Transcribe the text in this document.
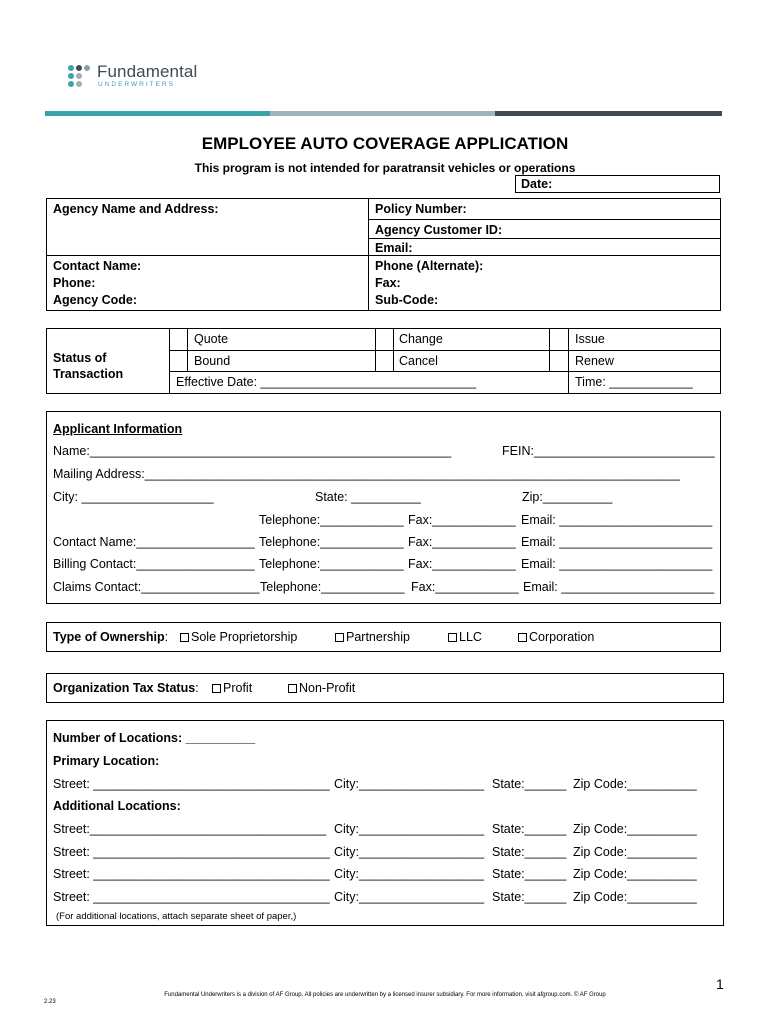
Fundamental
UNDERWRITERS
EMPLOYEE AUTO COVERAGE APPLICATION
This program is not intended for paratransit vehicles or operations
Date:
Agency Name and Address:
Contact Name:
Phone:
Agency Code:
Policy Number:
Agency Customer ID:
Email:
Phone (Alternate):
Fax:
Sub-Code:
Status of
Transaction
Quote	Change	Issue
Bound	Cancel	Renew
Effective Date: _______________________________	Time: ____________
Applicant Information
Name:____________________________________________________	FEIN:__________________________
Mailing Address:_____________________________________________________________________________
City: ___________________	State: __________	Zip:__________
Telephone:____________ Fax:____________ Email: ______________________
Contact Name:_________________ Telephone:____________ Fax:____________ Email: ______________________
Billing Contact:_________________ Telephone:____________ Fax:____________ Email: ______________________
Claims Contact:_________________ Telephone:____________ Fax:____________ Email: ______________________
Type of Ownership:	Sole Proprietorship	Partnership	LLC	Corporation
Organization Tax Status:	Profit	Non-Profit
Number of Locations: __________
Primary Location:
Street: __________________________________ City:__________________ State:______ Zip Code:__________
Additional Locations:
Street:__________________________________ City:__________________ State:______ Zip Code:__________
Street: __________________________________ City:__________________ State:______ Zip Code:__________
Street: __________________________________ City:__________________ State:______ Zip Code:__________
Street: __________________________________ City:__________________ State:______ Zip Code:__________
(For additional locations, attach separate sheet of paper,)
1
Fundamental Underwriters is a division of AF Group. All policies are underwritten by a licensed insurer subsidiary. For more information, visit afgroup.com. © AF Group
2.23
